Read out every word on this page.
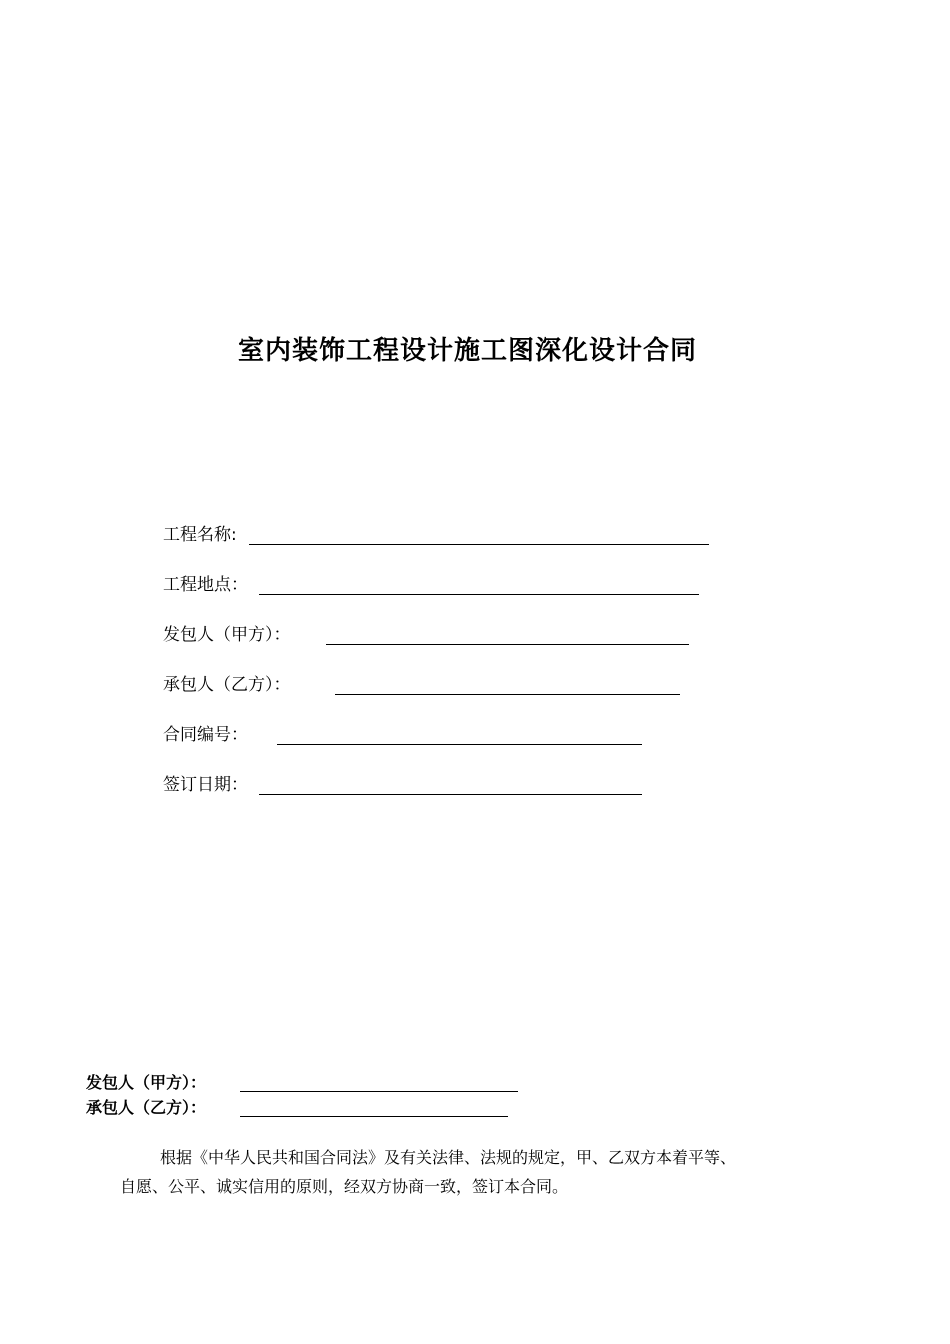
室内装饰工程设计施工图深化设计合同
工程名称:
工程地点：
发包人（甲方）：
承包人（乙方）：
合同编号：
签订日期：
发包人（甲方）：
承包人（乙方）：
根据《中华人民共和国合同法》及有关法律、法规的规定，甲、乙双方本着平等、
自愿、公平、诚实信用的原则，经双方协商一致，签订本合同。
